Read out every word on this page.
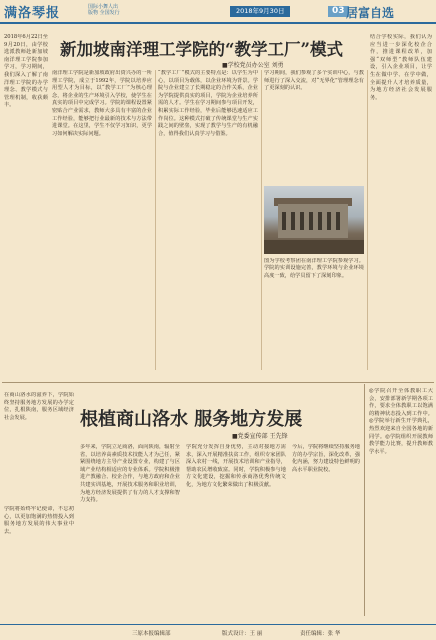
满洛琴报	国际小舞人出版物 全国发行	2018年9月30日	03 居富自选
新加坡南洋理工学院的“教学工厂”模式
■学校党员办公室 刘勇
2018年6月22日至9月20日，由学校选派教师赴新加坡南洋理工学院参加学习，学习期间，我们深入了解了南洋理工学院的办学理念、教学模式与管理机制，收获颇丰。
南洋理工学院是新加坡政府出资兴办的一所理工学院，成立于1992年，学院以培养应用型人才为目标，以“教学工厂”为核心理念，将企业的生产环境引入学校，使学生在真实的项目中完成学习。学院的课程设置紧密贴合产业需求，教师大多具有丰富的企业工作经验，能够把行业最新的技术与方法带进课堂。在这里，学生不仅学习知识，更学习如何解决实际问题。
“教学工厂”模式的主要特点是：以学生为中心，以项目为载体，以企业环境为背景。学院与企业建立了长期稳定的合作关系，企业为学院提供真实的项目，学院为企业培养所需的人才。学生在学习期间参与项目开发，积累实际工作经验，毕业后能够迅速适应工作岗位。这种模式打破了传统课堂与生产实践之间的壁垒，实现了教学与生产的有机融合，值得我们认真学习与借鉴。
学习期间，我们参观了多个实训中心，与教师进行了深入交流，对“无界化”管理理念有了更深刻的认识。
图为学校考察团在南洋理工学院参观学习。学院的实训设施完善，教学环境与企业环境高度一致，给学员留下了深刻印象。
结合学校实际，我们认为应当进一步深化校企合作，推进课程改革，加强“双师型”教师队伍建设，引入企业项目，让学生在做中学、在学中做，全面提升人才培养质量，为地方经济社会发展服务。
在商山洛水的滋养下，学院始终坚持服务地方发展的办学定位，扎根陕南，服务区域经济社会发展。	根植商山洛水 服务地方发展
■党委宣传部 王先锋
学院将始终牢记使命，不忘初心，以更加饱满的热情投入到服务地方发展的伟大事业中去。
多年来，学院立足商洛，面向陕南，辐射全省，以培养高素质技术技能人才为己任，紧紧围绕地方主导产业设置专业，构建了与区域产业结构相适应的专业体系。学院积极推进产教融合、校企合作，与地方政府和企业共建实训基地，开展技术服务和职业培训，为地方经济发展提供了有力的人才支撑和智力支持。
学院充分发挥自身优势，主动对接地方需求，深入开展精准扶贫工作，组织专家团队深入农村一线，开展技术培训和产业指导，帮助农民增收致富。同时，学院积极参与地方文化建设，挖掘和传承商洛优秀传统文化，为地方文化繁荣做出了积极贡献。
今后，学院将继续坚持服务地方的办学宗旨，深化改革，强化内涵，努力建设特色鲜明的高水平职业院校。
◎学院召开全体教职工大会，安排部署新学期各项工作，要求全体教职工以饱满的精神状态投入到工作中。◎学院举行新生开学典礼，热烈欢迎来自全国各地的新同学。◎学院组织开展教师教学能力比赛，提升教师教学水平。
三原本报编辑部	版式设计：王 丽	责任编辑：张 华
